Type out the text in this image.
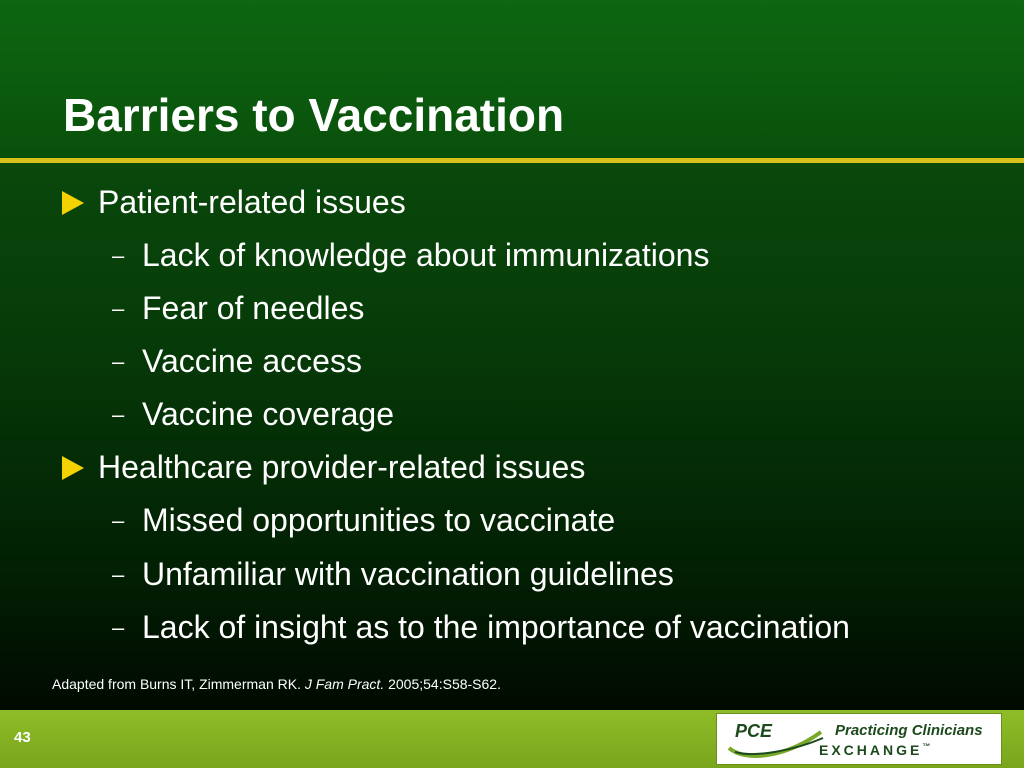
Barriers to Vaccination
Patient-related issues
– Lack of knowledge about immunizations
– Fear of needles
– Vaccine access
– Vaccine coverage
Healthcare provider-related issues
– Missed opportunities to vaccinate
– Unfamiliar with vaccination guidelines
– Lack of insight as to the importance of vaccination
Adapted from Burns IT, Zimmerman RK. J Fam Pract. 2005;54:S58-S62.
43	PCE	Practicing Clinicians
EXCHANGE™
